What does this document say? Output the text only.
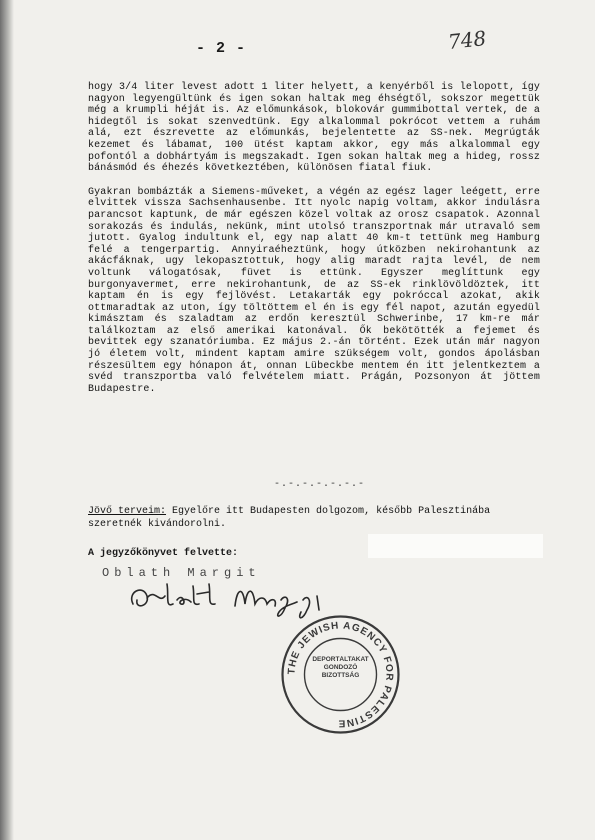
- 2 -	748

hogy 3/4 liter levest adott 1 liter helyett, a kenyérből is lelopott, így nagyon legyengültünk és igen sokan haltak meg éhségtől, sokszor megettük még a krumpli héját is. Az előmunkások, blokovár gummibottal vertek, de a hidegtől is sokat szenvedtünk. Egy alkalommal pokrócot vettem a ruhám alá, ezt észrevette az előmunkás, bejelentette az SS-nek. Megrúgták kezemet és lábamat, 100 ütést kaptam akkor, egy más alkalommal egy pofontól a dobhártyám is megszakadt. Igen sokan haltak meg a hideg, rossz bánásmód és éhezés következtében, különösen fiatal fiuk.

Gyakran bombázták a Siemens-műveket, a végén az egész lager leégett, erre elvittek vissza Sachsenhausenbe. Itt nyolc napig voltam, akkor indulásra parancsot kaptunk, de már egészen közel voltak az orosz csapatok. Azonnal sorakozás és indulás, nekünk, mint utolsó transzportnak már utravaló sem jutott. Gyalog indultunk el, egy nap alatt 40 km-t tettünk meg Hamburg felé a tengerpartig. Annyiraéheztünk, hogy útközben nekirohantunk az akácfáknak, ugy lekopasztottuk, hogy alig maradt rajta levél, de nem voltunk válogatósak, füvet is ettünk. Egyszer meglíttunk egy burgonyavermet, erre nekirohantunk, de az SS-ek rinklövöldöztek, itt kaptam én is egy fejlövést. Letakarták egy pokróccal azokat, akik ottmaradtak az uton, így töltöttem el én is egy fél napot, azután egyedül kimásztam és szaladtam az erdőn keresztül Schwerinbe, 17 km-re már találkoztam az első amerikai katonával. Ők bekötötték a fejemet és bevittek egy szanatóriumba. Ez május 2.-án történt. Ezek után már nagyon jó életem volt, mindent kaptam amire szükségem volt, gondos ápolásban részesültem egy hónapon át, onnan Lübeckbe mentem én itt jelentkeztem a svéd transzportba való felvételem miatt. Prágán, Pozsonyon át jöttem Budapestre.

-.-.-.-.-.-.-
Jövő terveim: Egyelőre itt Budapesten dolgozom, később Palesztinába szeretnék kivándorolni.
A jegyzőkönyvet felvette:
Oblath Margit
THE JEWISH AGENCY FOR PALESTINE
DEPORTÁLTAKAT GONDOZÓ BIZOTTSÁG
